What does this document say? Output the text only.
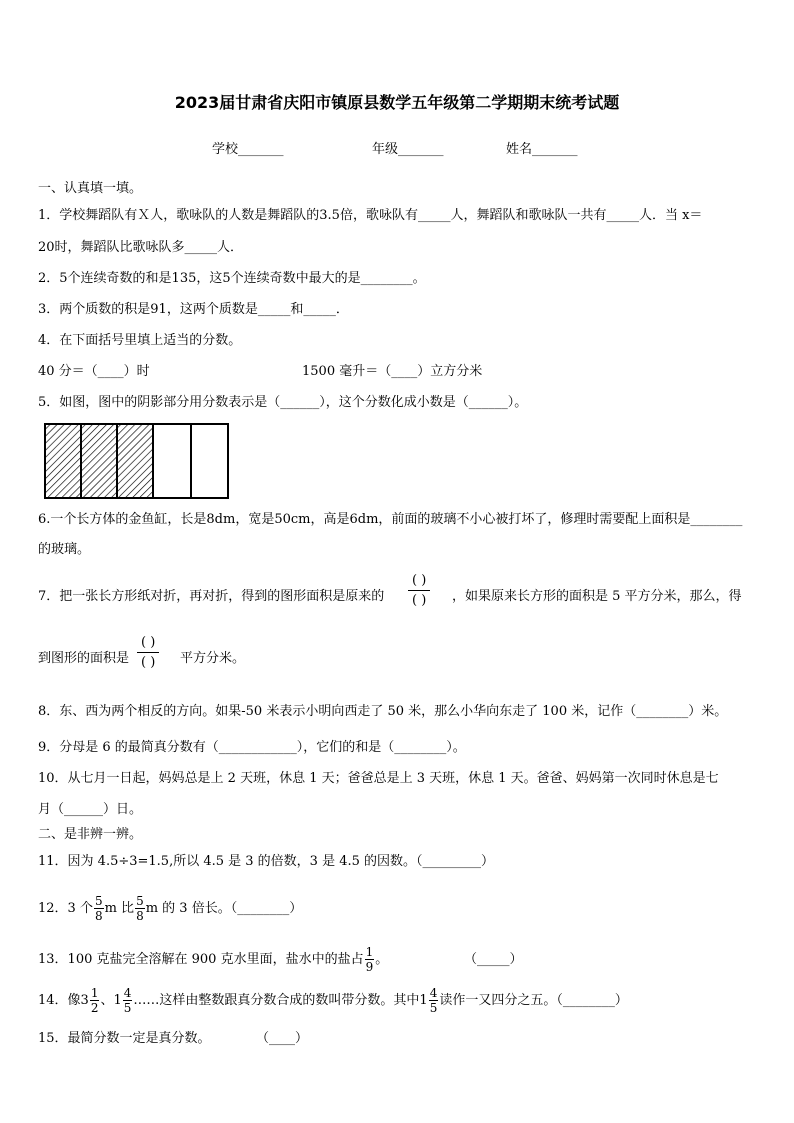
2023届甘肃省庆阳市镇原县数学五年级第二学期期末统考试题
学校_______	年级_______	姓名_______
一、认真填一填。
1．学校舞蹈队有Ｘ人，歌咏队的人数是舞蹈队的3.5倍，歌咏队有_____人，舞蹈队和歌咏队一共有_____人．当 x＝
20时，舞蹈队比歌咏队多_____人．
2．5个连续奇数的和是135，这5个连续奇数中最大的是________。
3．两个质数的积是91，这两个质数是_____和_____．
4．在下面括号里填上适当的分数。
40 分＝（____）时	1500 毫升＝（____）立方分米
5．如图，图中的阴影部分用分数表示是（______），这个分数化成小数是（______）。
6.一个长方体的金鱼缸，长是8dm，宽是50cm，高是6dm，前面的玻璃不小心被打坏了，修理时需要配上面积是________
的玻璃。
7．把一张长方形纸对折，再对折，得到的图形面积是原来的
( )
( )	，如果原来长方形的面积是 5 平方分米，那么，得
到图形的面积是
( )
( )	平方分米。
8．东、西为两个相反的方向。如果-50 米表示小明向西走了 50 米，那么小华向东走了 100 米，记作（________）米。
9．分母是 6 的最简真分数有（____________），它们的和是（________）。
10．从七月一日起，妈妈总是上 2 天班，休息 1 天；爸爸总是上 3 天班，休息 1 天。爸爸、妈妈第一次同时休息是七
月（______）日。
二、是非辨一辨。
11．因为 4.5÷3=1.5,所以 4.5 是 3 的倍数，3 是 4.5 的因数。（_________）
12．3 个 $\frac{5}{8}$ m 比 $\frac{5}{8}$ m 的 3 倍长。（________）
13．100 克盐完全溶解在 900 克水里面，盐水中的盐占 $\frac{1}{9}$ 。	（_____）
14．像$3 \frac{1}{2}$ 、$1 \frac{4}{5}$ ……这样由整数跟真分数合成的数叫带分数。其中$1 \frac{4}{5}$ 读作一又四分之五。（________）
15．最简分数一定是真分数。	（____）
